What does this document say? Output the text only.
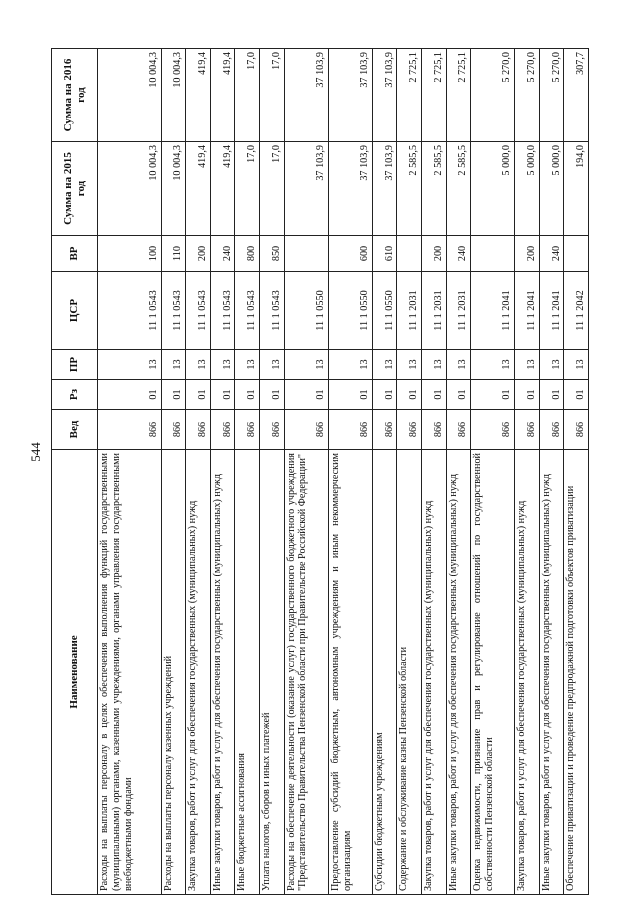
544
Наименование	Вед	Рз	ПР	ЦСР	ВР	Сумма на 2015 год	Сумма на 2016 год
Расходы на выплаты персоналу в целях обеспечения выполнения функций государственными (муниципальными) органами, казенными учреждениями, органами управления государственными внебюджетными фондами	866	01	13	11 1 0543	100	10 004,3	10 004,3
Расходы на выплаты персоналу казенных учреждений	866	01	13	11 1 0543	110	10 004,3	10 004,3
Закупка товаров, работ и услуг для обеспечения государственных (муниципальных) нужд	866	01	13	11 1 0543	200	419,4	419,4
Иные закупки товаров, работ и услуг для обеспечения государственных (муниципальных) нужд	866	01	13	11 1 0543	240	419,4	419,4
Иные бюджетные ассигнования	866	01	13	11 1 0543	800	17,0	17,0
Уплата налогов, сборов и иных платежей	866	01	13	11 1 0543	850	17,0	17,0
Расходы на обеспечение деятельности (оказание услуг) государственного бюджетного учреждения "Представительство Правительства Пензенской области при Правительстве Российской Федерации"	866	01	13	11 1 0550		37 103,9	37 103,9
Предоставление субсидий бюджетным, автономным учреждениям и иным некоммерческим организациям	866	01	13	11 1 0550	600	37 103,9	37 103,9
Субсидии бюджетным учреждениям	866	01	13	11 1 0550	610	37 103,9	37 103,9
Содержание и обслуживание казны Пензенской области	866	01	13	11 1 2031		2 585,5	2 725,1
Закупка товаров, работ и услуг для обеспечения государственных (муниципальных) нужд	866	01	13	11 1 2031	200	2 585,5	2 725,1
Иные закупки товаров, работ и услуг для обеспечения государственных (муниципальных) нужд	866	01	13	11 1 2031	240	2 585,5	2 725,1
Оценка недвижимости, признание прав и регулирование отношений по государственной собственности Пензенской области	866	01	13	11 1 2041		5 000,0	5 270,0
Закупка товаров, работ и услуг для обеспечения государственных (муниципальных) нужд	866	01	13	11 1 2041	200	5 000,0	5 270,0
Иные закупки товаров, работ и услуг для обеспечения государственных (муниципальных) нужд	866	01	13	11 1 2041	240	5 000,0	5 270,0
Обеспечение приватизации и проведение предпродажной подготовки объектов приватизации	866	01	13	11 1 2042		194,0	307,7
